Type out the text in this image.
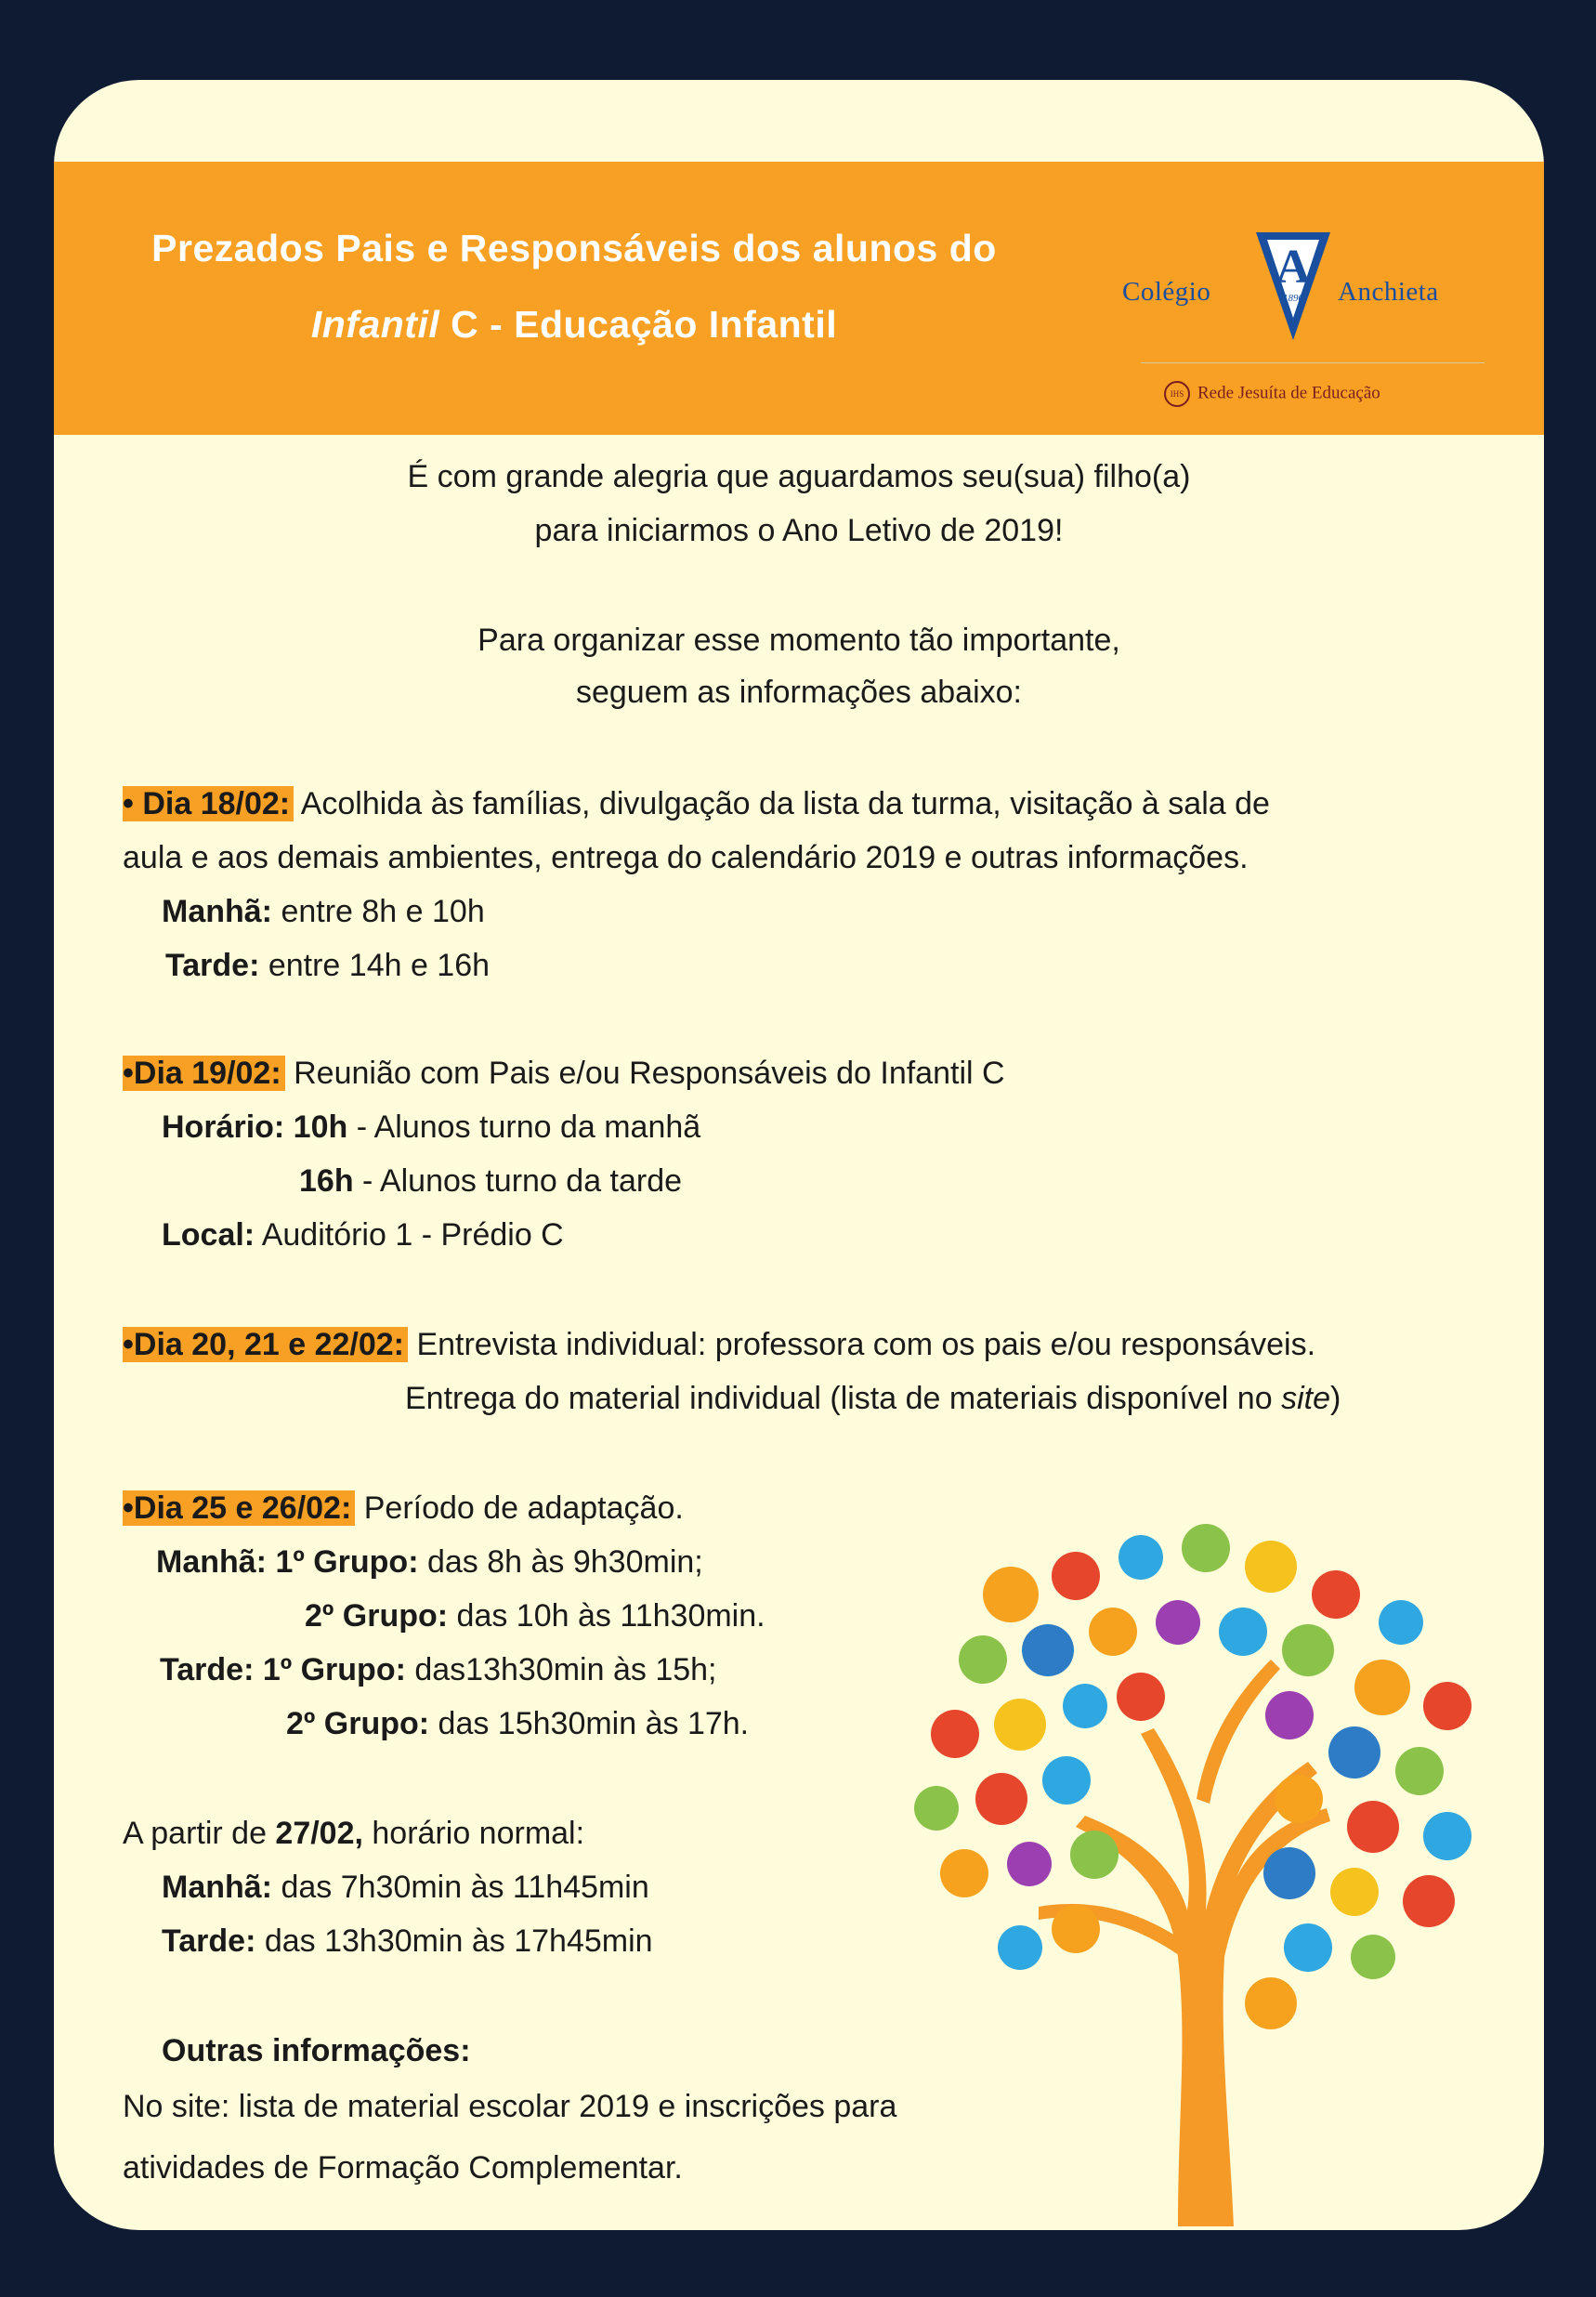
Prezados Pais e Responsáveis dos alunos do
Infantil C - Educação Infantil
Colégio A
1890 Anchieta
IHS Rede Jesuíta de Educação
É com grande alegria que aguardamos seu(sua) filho(a)
para iniciarmos o Ano Letivo de 2019!
Para organizar esse momento tão importante,
seguem as informações abaixo:
• Dia 18/02: Acolhida às famílias, divulgação da lista da turma, visitação à sala de
aula e aos demais ambientes, entrega do calendário 2019 e outras informações.
Manhã: entre 8h e 10h
Tarde: entre 14h e 16h
•Dia 19/02: Reunião com Pais e/ou Responsáveis do Infantil C
Horário: 10h - Alunos turno da manhã
16h - Alunos turno da tarde
Local: Auditório 1 - Prédio C
•Dia 20, 21 e 22/02: Entrevista individual: professora com os pais e/ou responsáveis.
Entrega do material individual (lista de materiais disponível no site)
•Dia 25 e 26/02: Período de adaptação.
Manhã: 1º Grupo: das 8h às 9h30min;
2º Grupo: das 10h às 11h30min.
Tarde: 1º Grupo: das13h30min às 15h;
2º Grupo: das 15h30min às 17h.
A partir de 27/02, horário normal:
Manhã: das 7h30min às 11h45min
Tarde: das 13h30min às 17h45min
Outras informações:
No site: lista de material escolar 2019 e inscrições para
atividades de Formação Complementar.
